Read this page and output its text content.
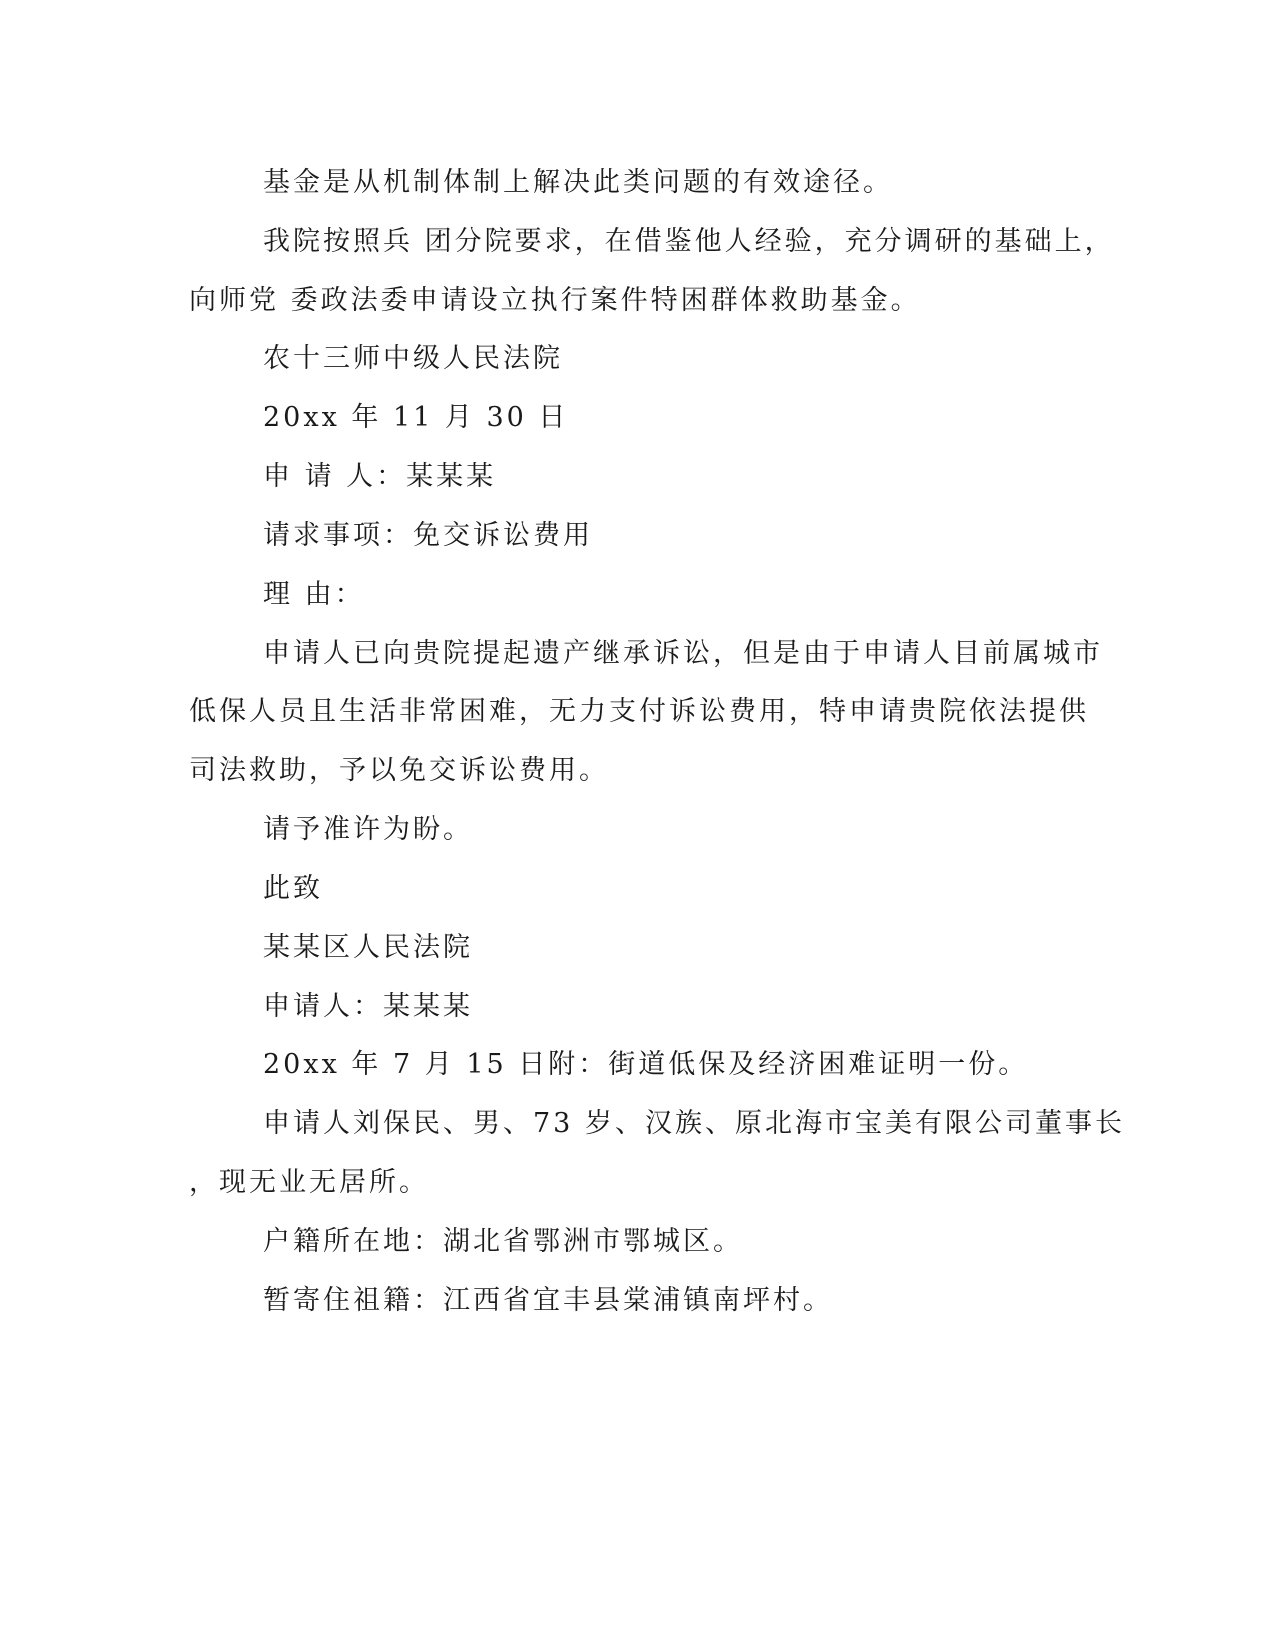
基金是从机制体制上解决此类问题的有效途径。
我院按照兵 团分院要求，在借鉴他人经验，充分调研的基础上，
向师党 委政法委申请设立执行案件特困群体救助基金。
农十三师中级人民法院
20xx 年 11 月 30 日
申 请 人：某某某
请求事项：免交诉讼费用
理 由：
申请人已向贵院提起遗产继承诉讼，但是由于申请人目前属城市
低保人员且生活非常困难，无力支付诉讼费用，特申请贵院依法提供
司法救助，予以免交诉讼费用。
请予准许为盼。
此致
某某区人民法院
申请人：某某某
20xx 年 7 月 15 日附：街道低保及经济困难证明一份。
申请人刘保民、男、73 岁、汉族、原北海市宝美有限公司董事长
，现无业无居所。
户籍所在地：湖北省鄂洲市鄂城区。
暂寄住祖籍：江西省宜丰县棠浦镇南坪村。
